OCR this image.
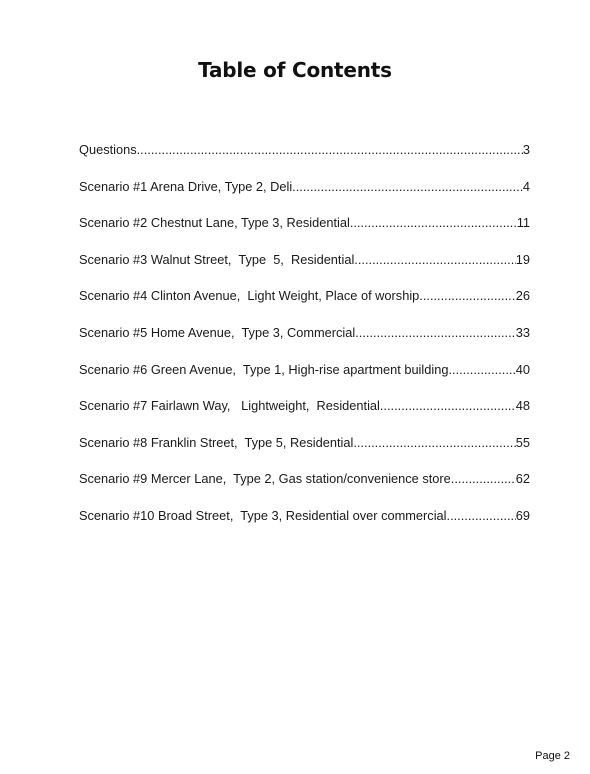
Table of Contents
Questions .....	3
Scenario #1 Arena Drive, Type 2, Deli .....	4
Scenario #2 Chestnut Lane, Type 3, Residential .....	11
Scenario #3 Walnut Street,  Type  5,  Residential .....	19
Scenario #4 Clinton Avenue,  Light Weight, Place of worship .....	26
Scenario #5 Home Avenue,  Type 3, Commercial .....	33
Scenario #6 Green Avenue,  Type 1, High-rise apartment building .....	40
Scenario #7 Fairlawn Way,   Lightweight,  Residential .....	48
Scenario #8 Franklin Street,  Type 5, Residential .....	55
Scenario #9 Mercer Lane,  Type 2, Gas station/convenience store .....	62
Scenario #10 Broad Street,  Type 3, Residential over commercial .....	69
Page 2
